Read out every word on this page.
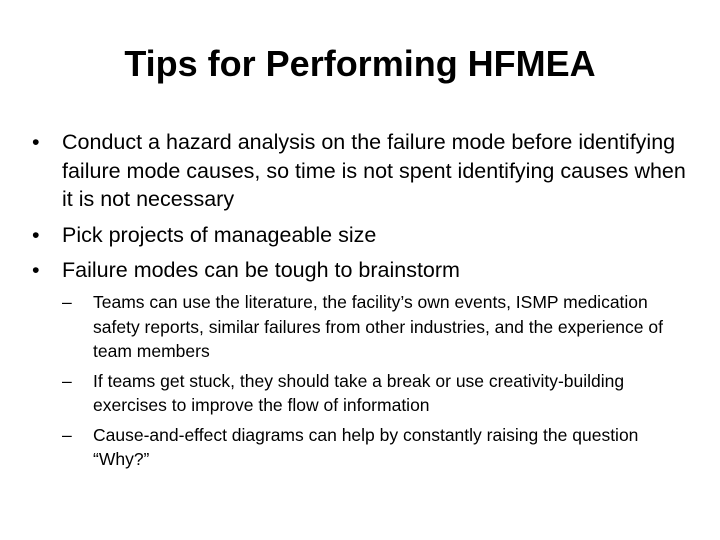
Tips for Performing HFMEA
•	Conduct a hazard analysis on the failure mode before identifying failure mode causes, so time is not spent identifying causes when it is not necessary
•	Pick projects of manageable size
•	Failure modes can be tough to brainstorm
–	Teams can use the literature, the facility’s own events, ISMP medication safety reports, similar failures from other industries, and the experience of team members
–	If teams get stuck, they should take a break or use creativity-building exercises to improve the flow of information
–	Cause-and-effect diagrams can help by constantly raising the question “Why?”
